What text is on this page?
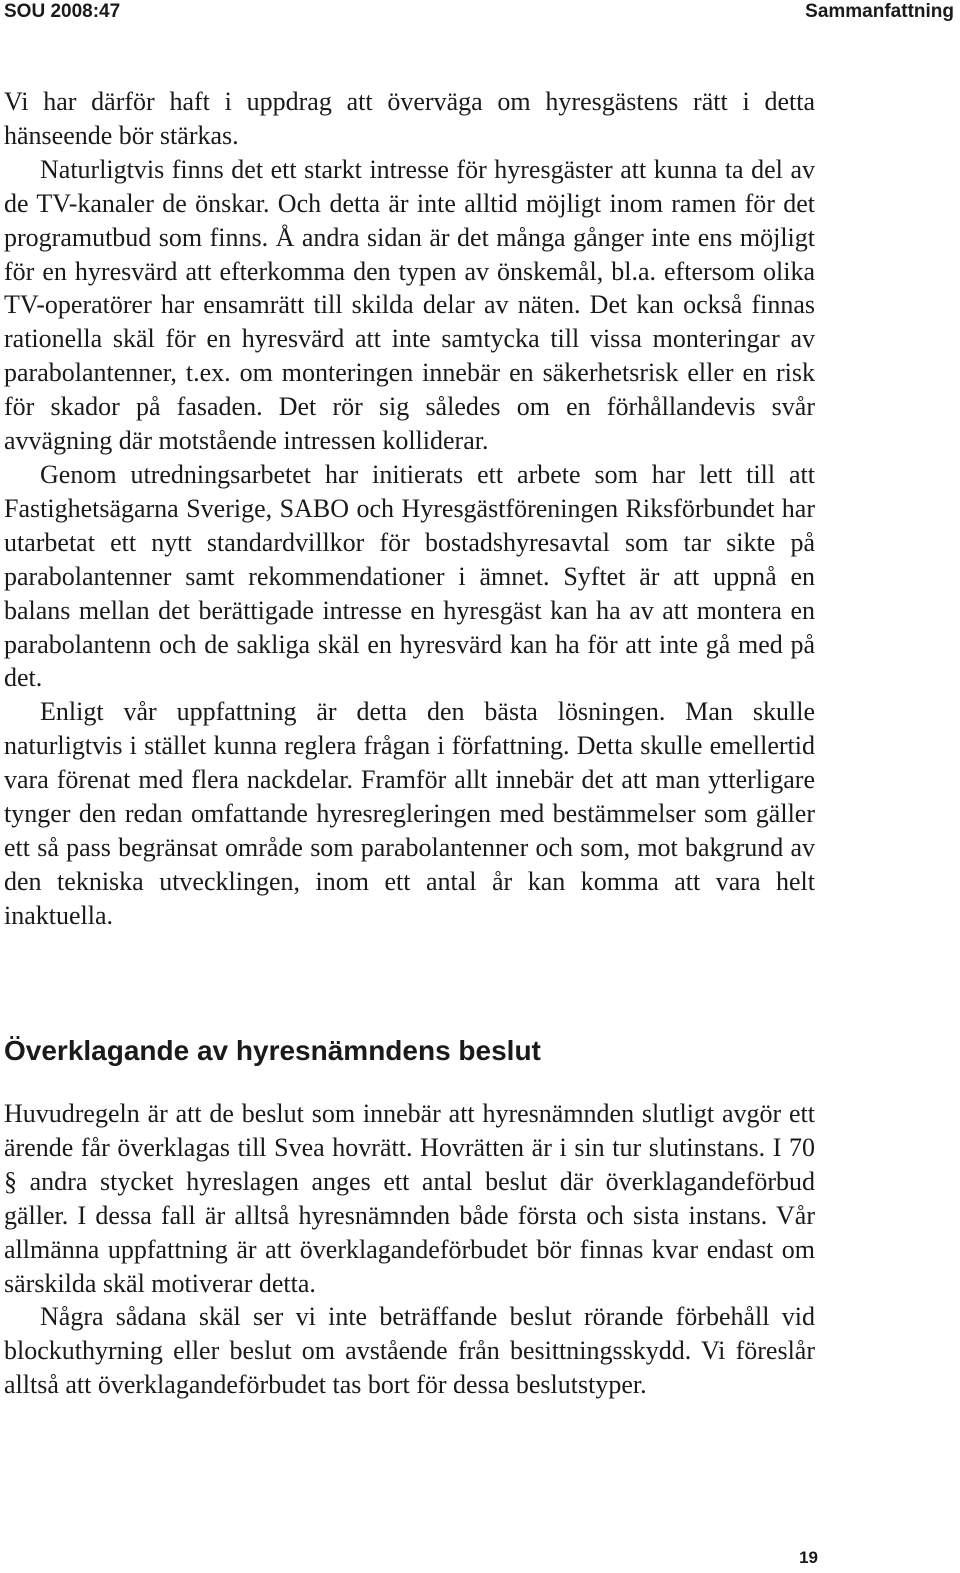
SOU 2008:47	Sammanfattning

Vi har därför haft i uppdrag att överväga om hyresgästens rätt i detta hänseende bör stärkas.

Naturligtvis finns det ett starkt intresse för hyresgäster att kunna ta del av de TV-kanaler de önskar. Och detta är inte alltid möjligt inom ramen för det programutbud som finns. Å andra sidan är det många gånger inte ens möjligt för en hyresvärd att efterkomma den typen av önskemål, bl.a. eftersom olika TV-operatörer har ensamrätt till skilda delar av näten. Det kan också finnas rationella skäl för en hyresvärd att inte samtycka till vissa monteringar av parabolantenner, t.ex. om monteringen innebär en säkerhetsrisk eller en risk för skador på fasaden. Det rör sig således om en förhållandevis svår avvägning där motstående intressen kolliderar.

Genom utredningsarbetet har initierats ett arbete som har lett till att Fastighetsägarna Sverige, SABO och Hyresgästföreningen Riksförbundet har utarbetat ett nytt standardvillkor för bostadshyresavtal som tar sikte på parabolantenner samt rekommendationer i ämnet. Syftet är att uppnå en balans mellan det berättigade intresse en hyresgäst kan ha av att montera en parabolantenn och de sakliga skäl en hyresvärd kan ha för att inte gå med på det.

Enligt vår uppfattning är detta den bästa lösningen. Man skulle naturligtvis i stället kunna reglera frågan i författning. Detta skulle emellertid vara förenat med flera nackdelar. Framför allt innebär det att man ytterligare tynger den redan omfattande hyresregleringen med bestämmelser som gäller ett så pass begränsat område som parabolantenner och som, mot bakgrund av den tekniska utvecklingen, inom ett antal år kan komma att vara helt inaktuella.

Överklagande av hyresnämndens beslut

Huvudregeln är att de beslut som innebär att hyresnämnden slutligt avgör ett ärende får överklagas till Svea hovrätt. Hovrätten är i sin tur slutinstans. I 70 § andra stycket hyreslagen anges ett antal beslut där överklagandeförbud gäller. I dessa fall är alltså hyresnämnden både första och sista instans. Vår allmänna uppfattning är att överklagandeförbudet bör finnas kvar endast om särskilda skäl motiverar detta.

Några sådana skäl ser vi inte beträffande beslut rörande förbehåll vid blockuthyrning eller beslut om avstående från besittningsskydd. Vi föreslår alltså att överklagandeförbudet tas bort för dessa beslutstyper.

19
